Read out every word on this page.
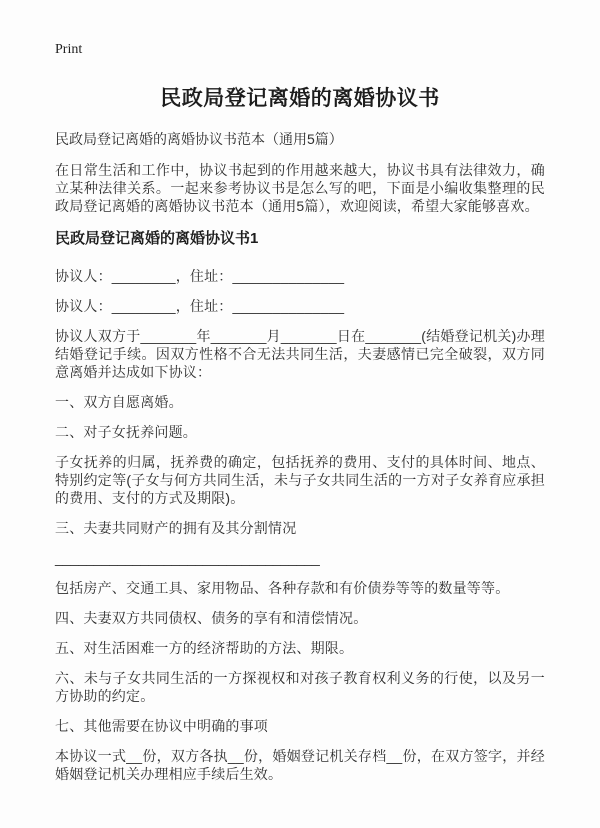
Print
民政局登记离婚的离婚协议书

民政局登记离婚的离婚协议书范本（通用5篇）

在日常生活和工作中，协议书起到的作用越来越大，协议书具有法律效力，确立某种法律关系。一起来参考协议书是怎么写的吧，下面是小编收集整理的民政局登记离婚的离婚协议书范本（通用5篇），欢迎阅读，希望大家能够喜欢。

民政局登记离婚的离婚协议书1

协议人：________，住址：______________

协议人：________，住址：______________

协议人双方于_______年_______月_______日在_______(结婚登记机关)办理结婚登记手续。因双方性格不合无法共同生活，夫妻感情已完全破裂，双方同意离婚并达成如下协议：

一、双方自愿离婚。

二、对子女抚养问题。

子女抚养的归属，抚养费的确定，包括抚养的费用、支付的具体时间、地点、特别约定等(子女与何方共同生活，未与子女共同生活的一方对子女养育应承担的费用、支付的方式及期限)。

三、夫妻共同财产的拥有及其分割情况

__________________________________

包括房产、交通工具、家用物品、各种存款和有价债券等等的数量等等。

四、夫妻双方共同债权、债务的享有和清偿情况。

五、对生活困难一方的经济帮助的方法、期限。

六、未与子女共同生活的一方探视权和对孩子教育权利义务的行使，以及另一方协助的约定。

七、其他需要在协议中明确的事项

本协议一式__份，双方各执__份，婚姻登记机关存档__份，在双方签字，并经婚姻登记机关办理相应手续后生效。
